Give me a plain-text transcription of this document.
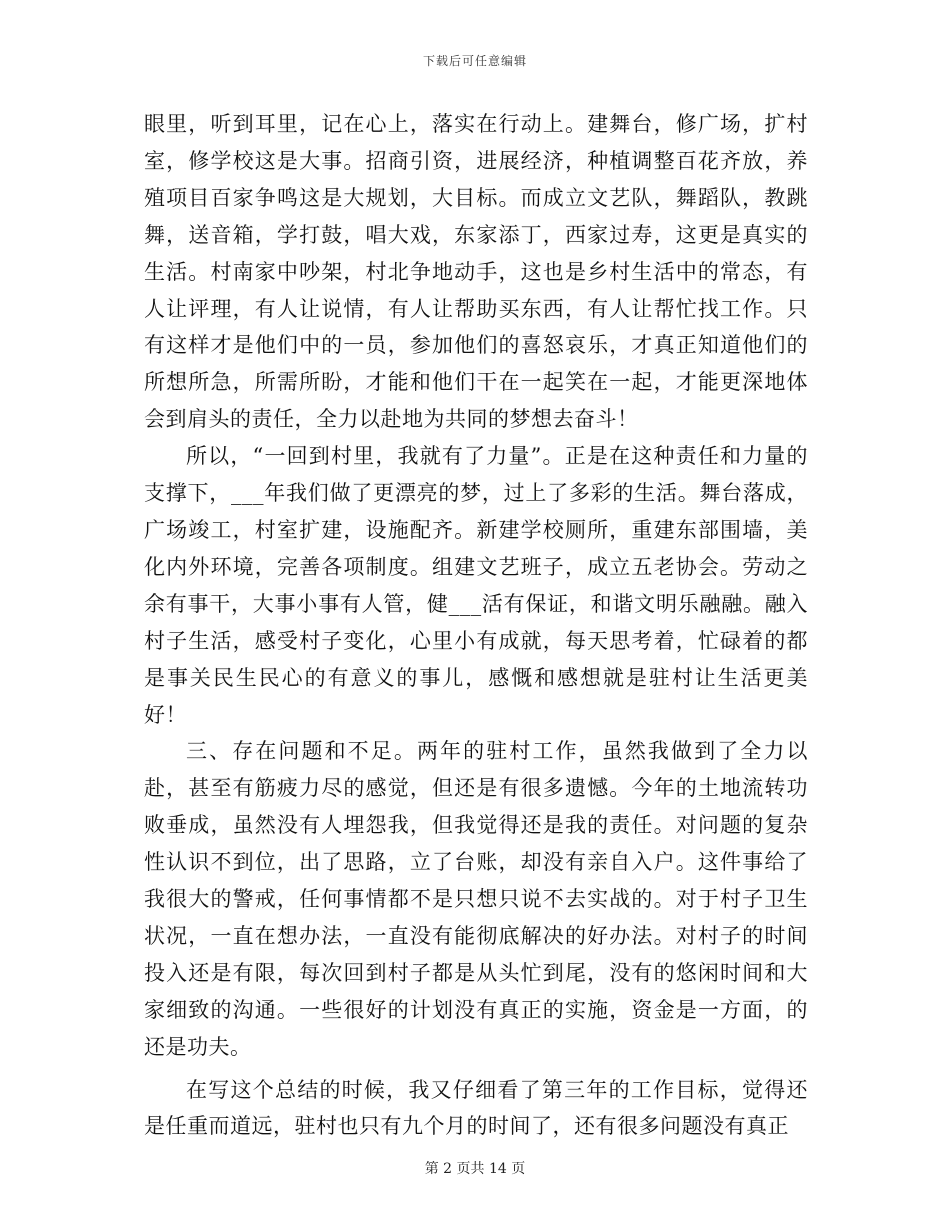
下载后可任意编辑

眼里，听到耳里，记在心上，落实在行动上。建舞台，修广场，扩村室，修学校这是大事。招商引资，进展经济，种植调整百花齐放，养殖项目百家争鸣这是大规划，大目标。而成立文艺队，舞蹈队，教跳舞，送音箱，学打鼓，唱大戏，东家添丁，西家过寿，这更是真实的生活。村南家中吵架，村北争地动手，这也是乡村生活中的常态，有人让评理，有人让说情，有人让帮助买东西，有人让帮忙找工作。只有这样才是他们中的一员，参加他们的喜怒哀乐，才真正知道他们的所想所急，所需所盼，才能和他们干在一起笑在一起，才能更深地体会到肩头的责任，全力以赴地为共同的梦想去奋斗！

所以，“一回到村里，我就有了力量”。正是在这种责任和力量的支撑下，___年我们做了更漂亮的梦，过上了多彩的生活。舞台落成，广场竣工，村室扩建，设施配齐。新建学校厕所，重建东部围墙，美化内外环境，完善各项制度。组建文艺班子，成立五老协会。劳动之余有事干，大事小事有人管，健___活有保证，和谐文明乐融融。融入村子生活，感受村子变化，心里小有成就，每天思考着，忙碌着的都是事关民生民心的有意义的事儿，感慨和感想就是驻村让生活更美好！

三、存在问题和不足。两年的驻村工作，虽然我做到了全力以赴，甚至有筋疲力尽的感觉，但还是有很多遗憾。今年的土地流转功败垂成，虽然没有人埋怨我，但我觉得还是我的责任。对问题的复杂性认识不到位，出了思路，立了台账，却没有亲自入户。这件事给了我很大的警戒，任何事情都不是只想只说不去实战的。对于村子卫生状况，一直在想办法，一直没有能彻底解决的好办法。对村子的时间投入还是有限，每次回到村子都是从头忙到尾，没有的悠闲时间和大家细致的沟通。一些很好的计划没有真正的实施，资金是一方面，的还是功夫。

在写这个总结的时候，我又仔细看了第三年的工作目标，觉得还是任重而道远，驻村也只有九个月的时间了，还有很多问题没有真正

第 2 页共 14 页
